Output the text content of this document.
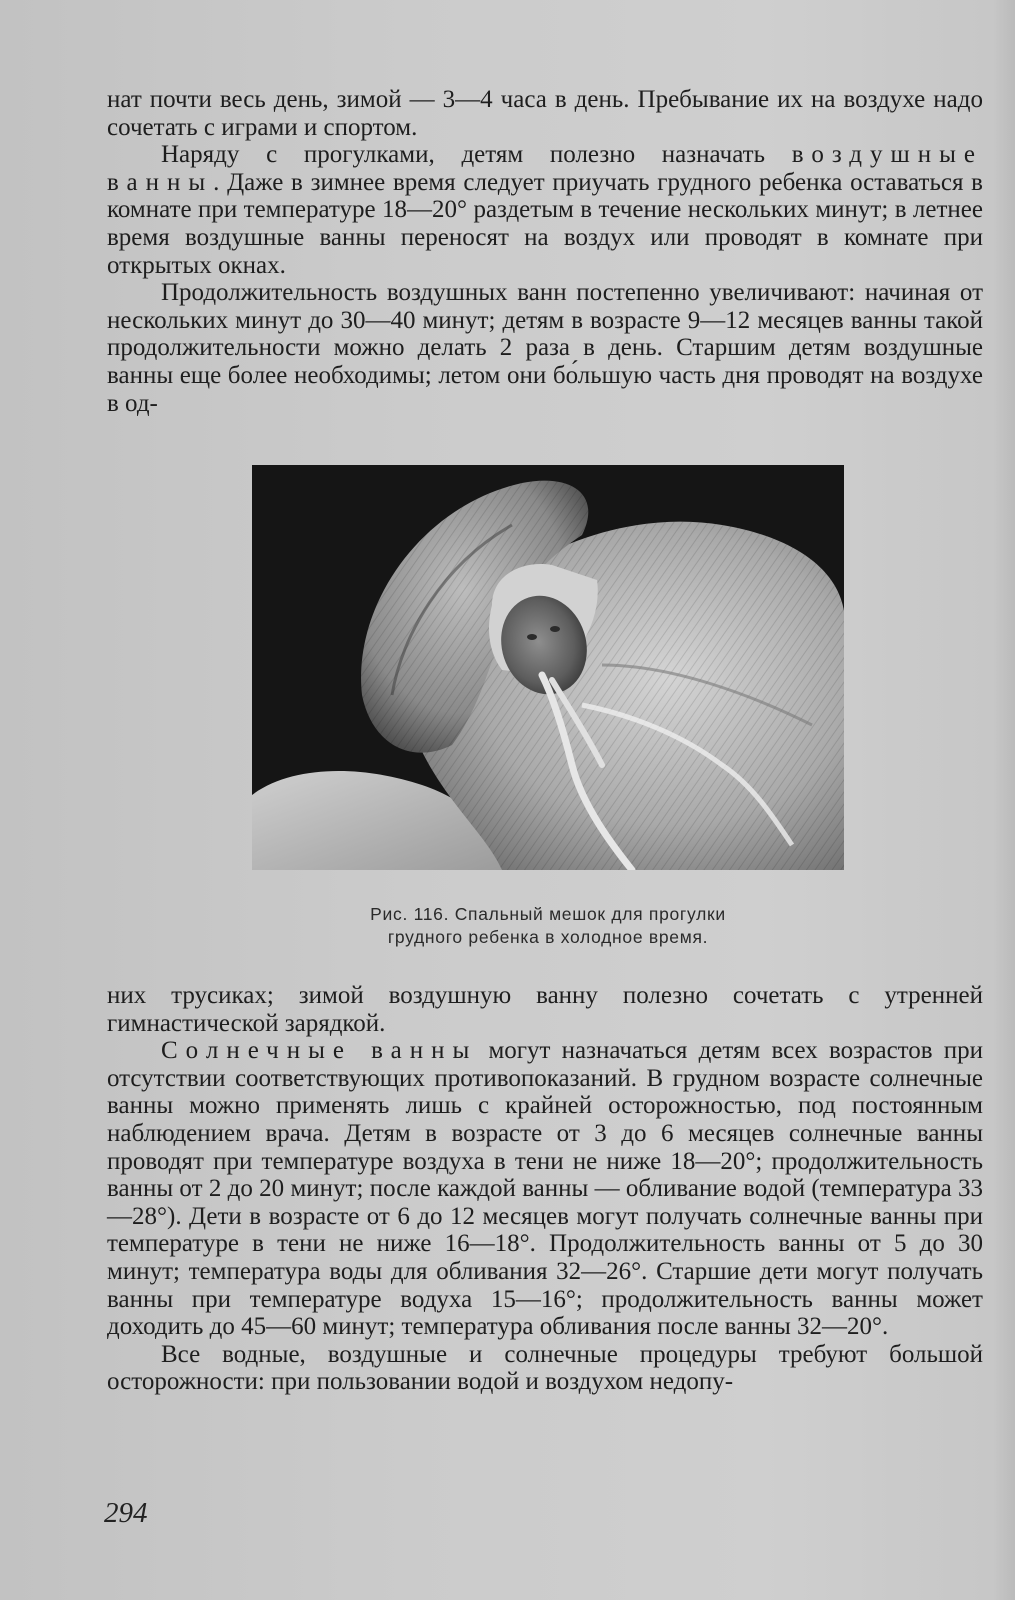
нат почти весь день, зимой — 3—4 часа в день. Пребывание их на воздухе надо сочетать с играми и спортом.

Наряду с прогулками, детям полезно назначать воздушные ванны. Даже в зимнее время следует приучать грудного ребенка оставаться в комнате при температуре 18—20° раздетым в течение нескольких минут; в летнее время воздушные ванны переносят на воздух или проводят в комнате при открытых окнах.

Продолжительность воздушных ванн постепенно увеличивают: начиная от нескольких минут до 30—40 минут; детям в возрасте 9—12 месяцев ванны такой продолжительности можно делать 2 раза в день. Старшим детям воздушные ванны еще более необходимы; летом они бо́льшую часть дня проводят на воздухе в од-

Рис. 116. Спальный мешок для прогулки
грудного ребенка в холодное время.

них трусиках; зимой воздушную ванну полезно сочетать с утренней гимнастической зарядкой.

Солнечные ванны могут назначаться детям всех возрастов при отсутствии соответствующих противопоказаний. В грудном возрасте солнечные ванны можно применять лишь с крайней осторожностью, под постоянным наблюдением врача. Детям в возрасте от 3 до 6 месяцев солнечные ванны проводят при температуре воздуха в тени не ниже 18—20°; продолжительность ванны от 2 до 20 минут; после каждой ванны — обливание водой (температура 33—28°). Дети в возрасте от 6 до 12 месяцев могут получать солнечные ванны при температуре в тени не ниже 16—18°. Продолжительность ванны от 5 до 30 минут; температура воды для обливания 32—26°. Старшие дети могут получать ванны при температуре водуха 15—16°; продолжительность ванны может доходить до 45—60 минут; температура обливания после ванны 32—20°.

Все водные, воздушные и солнечные процедуры требуют большой осторожности: при пользовании водой и воздухом недопу-

294
